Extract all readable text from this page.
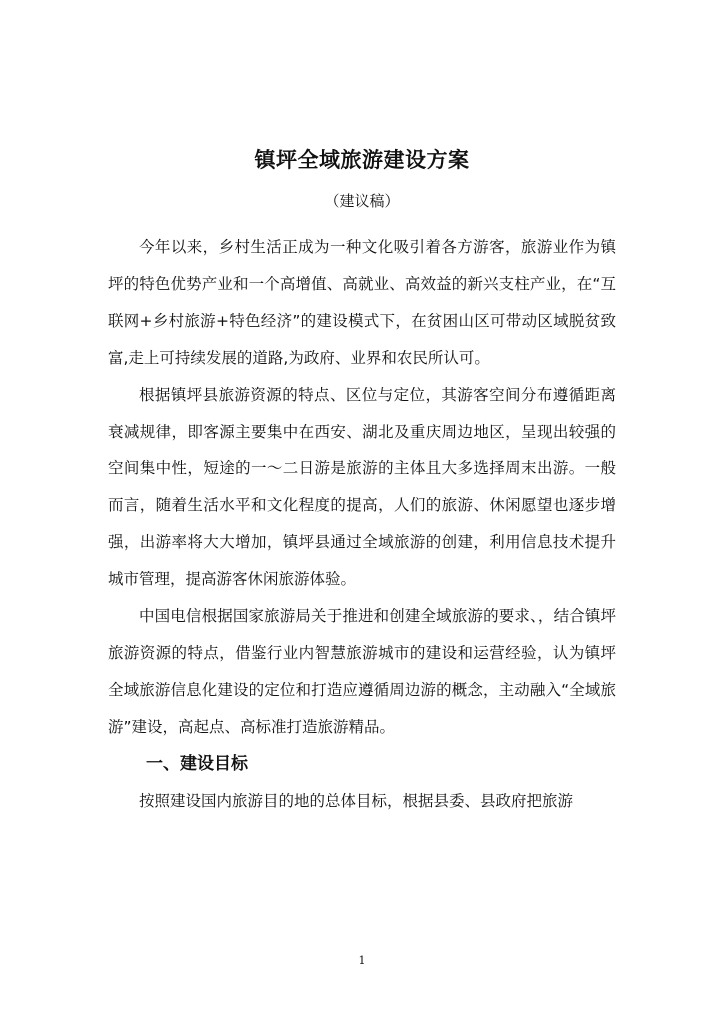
镇坪全域旅游建设方案
（建议稿）

今年以来，乡村生活正成为一种文化吸引着各方游客，旅游业作为镇坪的特色优势产业和一个高增值、高就业、高效益的新兴支柱产业，在“互联网+乡村旅游+特色经济”的建设模式下，在贫困山区可带动区域脱贫致富,走上可持续发展的道路,为政府、业界和农民所认可。

根据镇坪县旅游资源的特点、区位与定位，其游客空间分布遵循距离衰减规律，即客源主要集中在西安、湖北及重庆周边地区，呈现出较强的空间集中性，短途的一～二日游是旅游的主体且大多选择周末出游。一般而言，随着生活水平和文化程度的提高，人们的旅游、休闲愿望也逐步增强，出游率将大大增加，镇坪县通过全域旅游的创建，利用信息技术提升城市管理，提高游客休闲旅游体验。

中国电信根据国家旅游局关于推进和创建全域旅游的要求、，结合镇坪旅游资源的特点，借鉴行业内智慧旅游城市的建设和运营经验，认为镇坪全域旅游信息化建设的定位和打造应遵循周边游的概念，主动融入“全域旅游”建设，高起点、高标准打造旅游精品。

一、建设目标

按照建设国内旅游目的地的总体目标，根据县委、县政府把旅游

1
